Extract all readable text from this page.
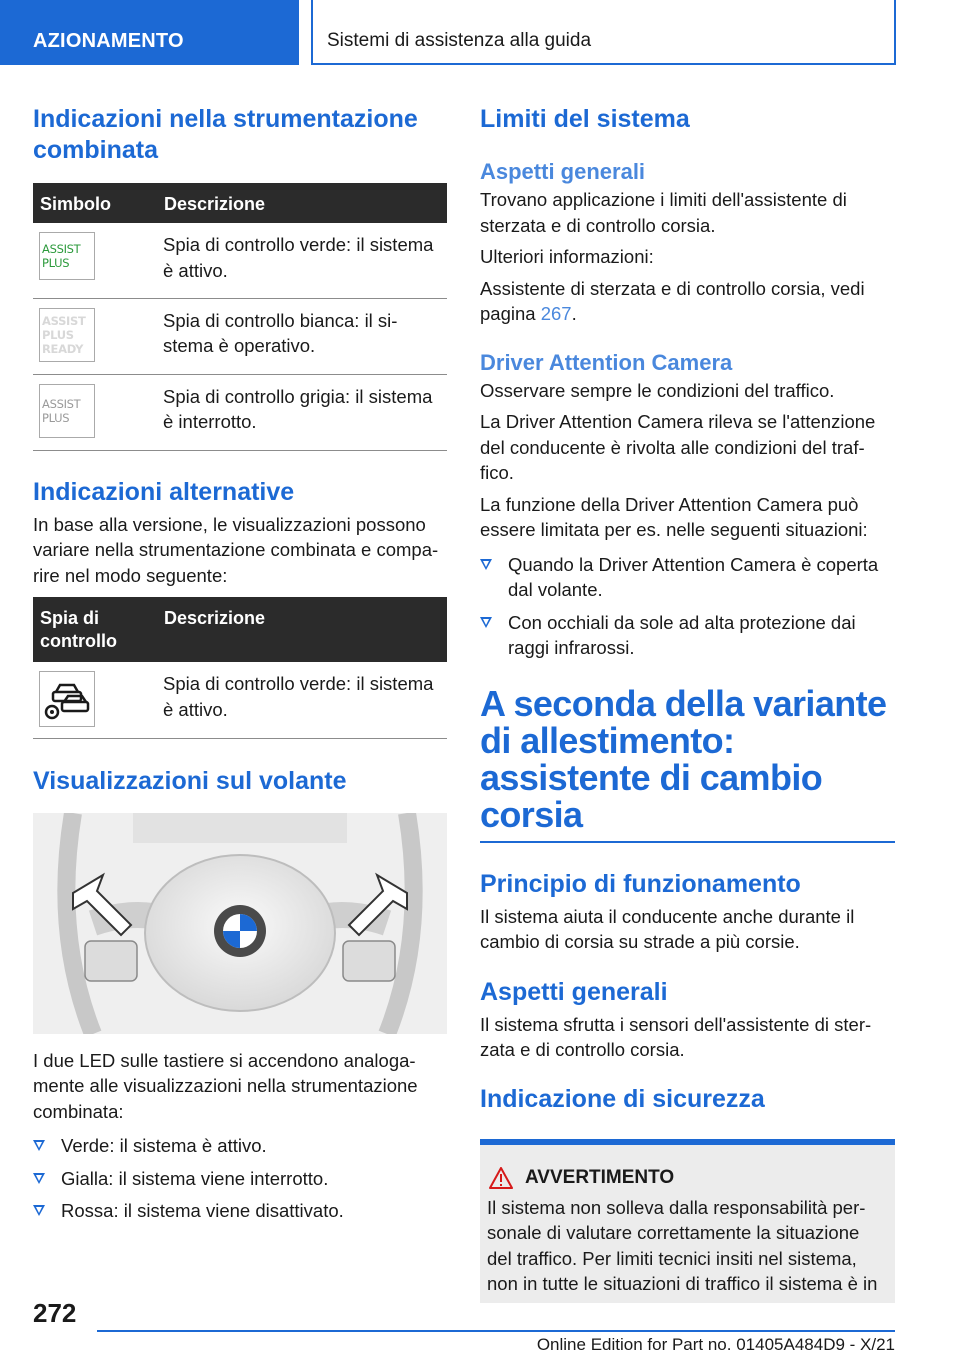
AZIONAMENTO	Sistemi di assistenza alla guida
Indicazioni nella strumentazione combinata
Simbolo	Descrizione

ASSIST
PLUS	Spia di controllo verde: il sistema è attivo.

ASSIST
PLUS
READY	Spia di controllo bianca: il si-stema è operativo.

ASSIST
PLUS	Spia di controllo grigia: il sistema è interrotto.
Indicazioni alternative

In base alla versione, le visualizzazioni possono variare nella strumentazione combinata e compa-rire nel modo seguente:

Spia di controllo	Descrizione

	Spia di controllo verde: il sistema è attivo.
Visualizzazioni sul volante

I due LED sulle tastiere si accendono analoga-mente alle visualizzazioni nella strumentazione combinata:

Verde: il sistema è attivo.
Gialla: il sistema viene interrotto.
Rossa: il sistema viene disattivato.
Limiti del sistema
Aspetti generali

Trovano applicazione i limiti dell'assistente di sterzata e di controllo corsia.

Ulteriori informazioni:

Assistente di sterzata e di controllo corsia, vedi pagina 267.

Driver Attention Camera

Osservare sempre le condizioni del traffico.

La Driver Attention Camera rileva se l'attenzione del conducente è rivolta alle condizioni del traf-fico.

La funzione della Driver Attention Camera può essere limitata per es. nelle seguenti situazioni:

Quando la Driver Attention Camera è coperta dal volante.
Con occhiali da sole ad alta protezione dai raggi infrarossi.
A seconda della variante di allestimento: assistente di cambio corsia
Principio di funzionamento

Il sistema aiuta il conducente anche durante il cambio di corsia su strade a più corsie.

Aspetti generali

Il sistema sfrutta i sensori dell'assistente di ster-zata e di controllo corsia.

Indicazione di sicurezza
AVVERTIMENTO

Il sistema non solleva dalla responsabilità per-sonale di valutare correttamente la situazione del traffico. Per limiti tecnici insiti nel sistema, non in tutte le situazioni di traffico il sistema è in

272
Online Edition for Part no. 01405A484D9 - X/21
